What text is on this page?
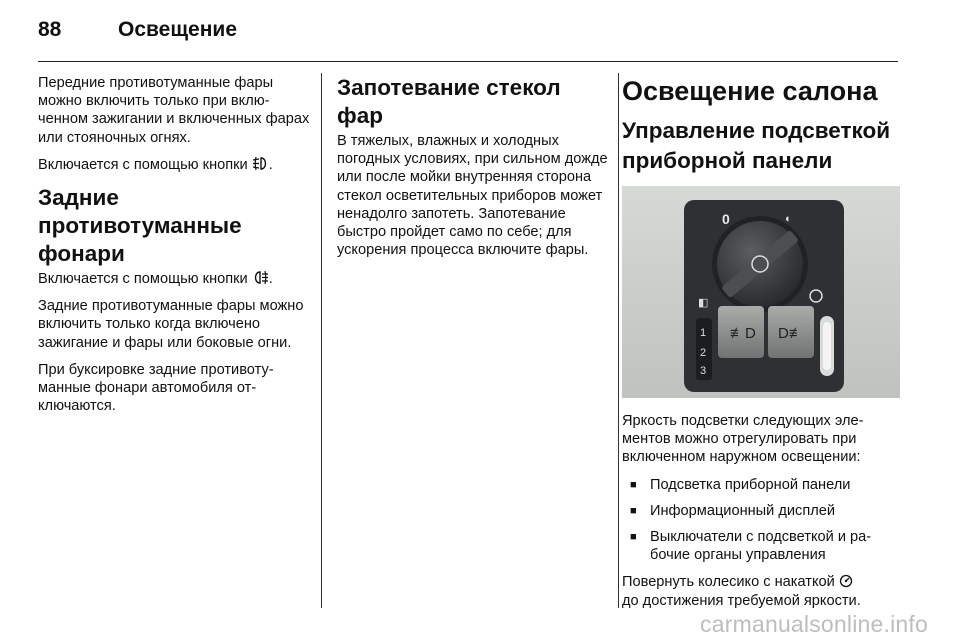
88	Освещение

Передние противотуманные фары можно включить только при включенном зажигании и включенных фарах или стояночных огнях.

Включается с помощью кнопки .

Задние противотуманные фонари

Включается с помощью кнопки .

Задние противотуманные фары можно включить только когда включено зажигание и фары или боковые огни.

При буксировке задние противотуманные фонари автомобиля отключаются.

Запотевание стекол фар

В тяжелых, влажных и холодных погодных условиях, при сильном дожде или после мойки внутренняя сторона стекол осветительных приборов может ненадолго запотеть. Запотевание быстро пройдет само по себе; для ускорения процесса включите фары.

Освещение салона
Управление подсветкой приборной панели
0	◐
◧
≢D D≢
1
2
3

Яркость подсветки следующих элементов можно отрегулировать при включенном наружном освещении:

■ Подсветка приборной панели
■ Информационный дисплей
■ Выключатели с подсветкой и рабочие органы управления

Повернуть колесико с накаткой
до достижения требуемой яркости.

carmanualsonline.info
